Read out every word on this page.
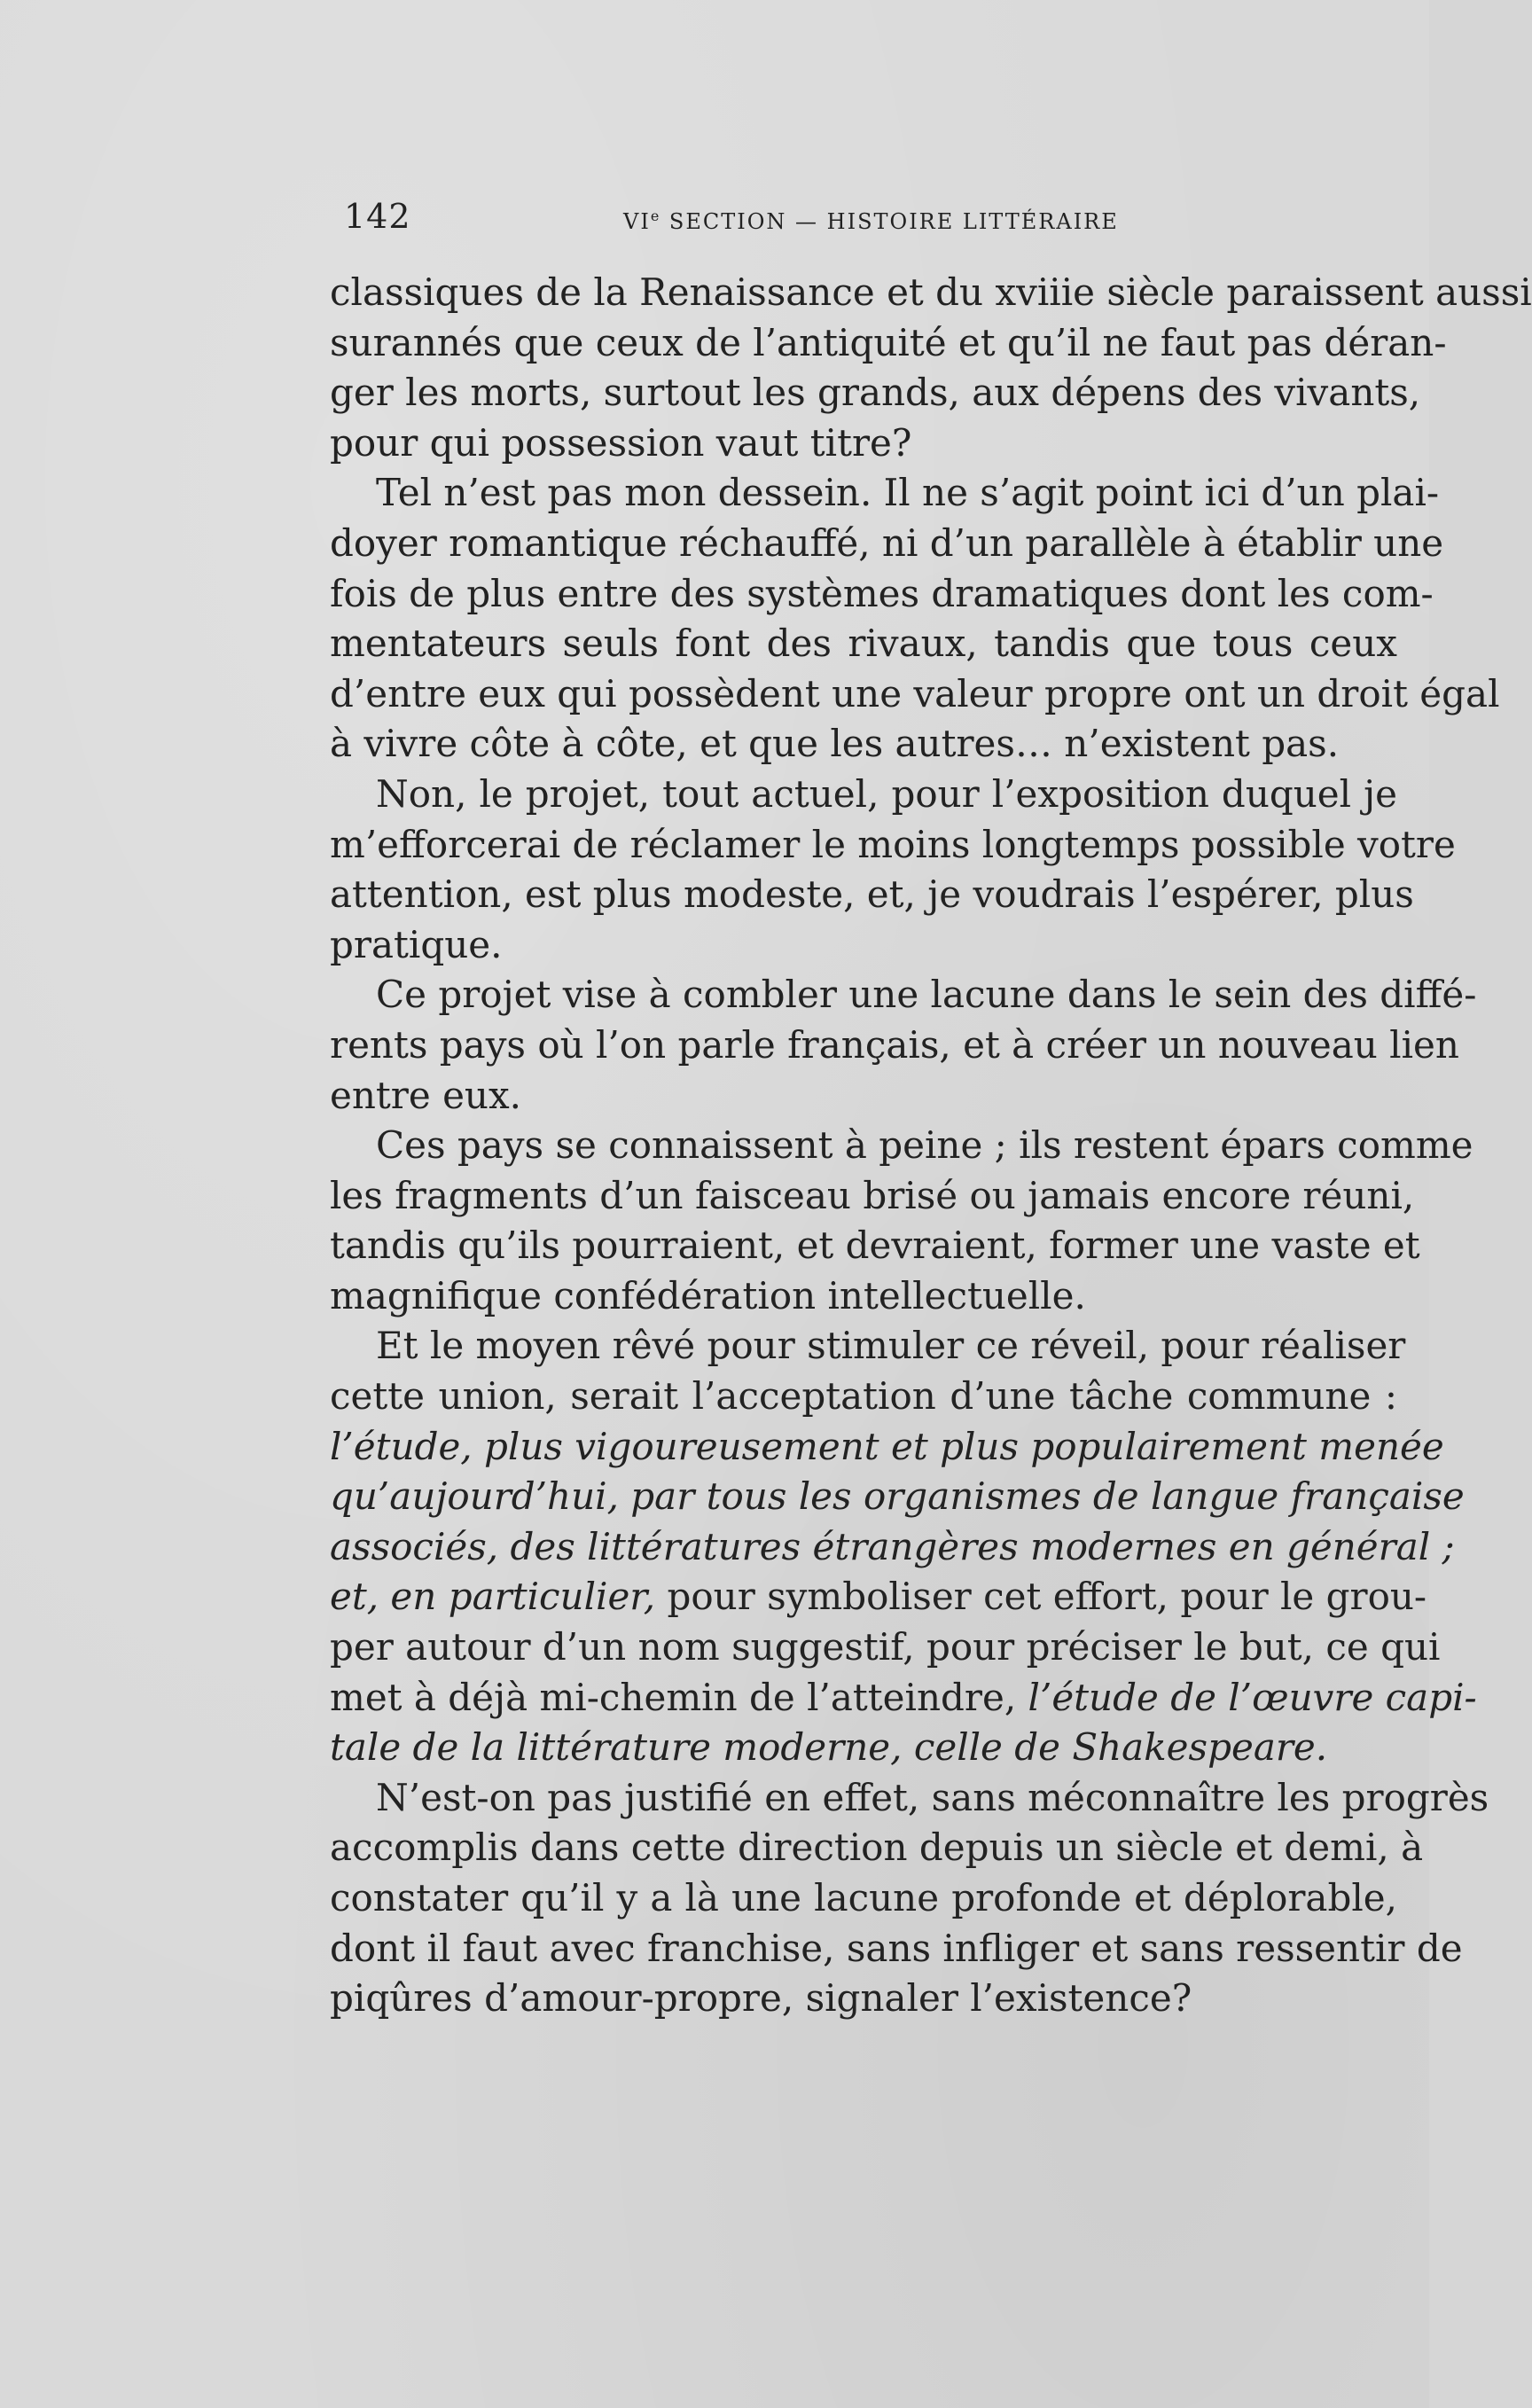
142	VIe SECTION — HISTOIRE LITTÉRAIRE
classiques de la Renaissance et du xviiie siècle paraissent aussi
surannés que ceux de l’antiquité et qu’il ne faut pas déran-
ger les morts, surtout les grands, aux dépens des vivants,
pour qui possession vaut titre?
Tel n’est pas mon dessein. Il ne s’agit point ici d’un plai-
doyer romantique réchauffé, ni d’un parallèle à établir une
fois de plus entre des systèmes dramatiques dont les com-
mentateurs seuls font des rivaux, tandis que tous ceux
d’entre eux qui possèdent une valeur propre ont un droit égal
à vivre côte à côte, et que les autres… n’existent pas.
Non, le projet, tout actuel, pour l’exposition duquel je
m’efforcerai de réclamer le moins longtemps possible votre
attention, est plus modeste, et, je voudrais l’espérer, plus
pratique.
Ce projet vise à combler une lacune dans le sein des diffé-
rents pays où l’on parle français, et à créer un nouveau lien
entre eux.
Ces pays se connaissent à peine ; ils restent épars comme
les fragments d’un faisceau brisé ou jamais encore réuni,
tandis qu’ils pourraient, et devraient, former une vaste et
magnifique confédération intellectuelle.
Et le moyen rêvé pour stimuler ce réveil, pour réaliser
cette union, serait l’acceptation d’une tâche commune :
l’étude, plus vigoureusement et plus populairement menée
qu’aujourd’hui, par tous les organismes de langue française
associés, des littératures étrangères modernes en général ;
et, en particulier, pour symboliser cet effort, pour le grou-
per autour d’un nom suggestif, pour préciser le but, ce qui
met à déjà mi-chemin de l’atteindre, l’étude de l’œuvre capi-
tale de la littérature moderne, celle de Shakespeare.
N’est-on pas justifié en effet, sans méconnaître les progrès
accomplis dans cette direction depuis un siècle et demi, à
constater qu’il y a là une lacune profonde et déplorable,
dont il faut avec franchise, sans infliger et sans ressentir de
piqûres d’amour-propre, signaler l’existence?
